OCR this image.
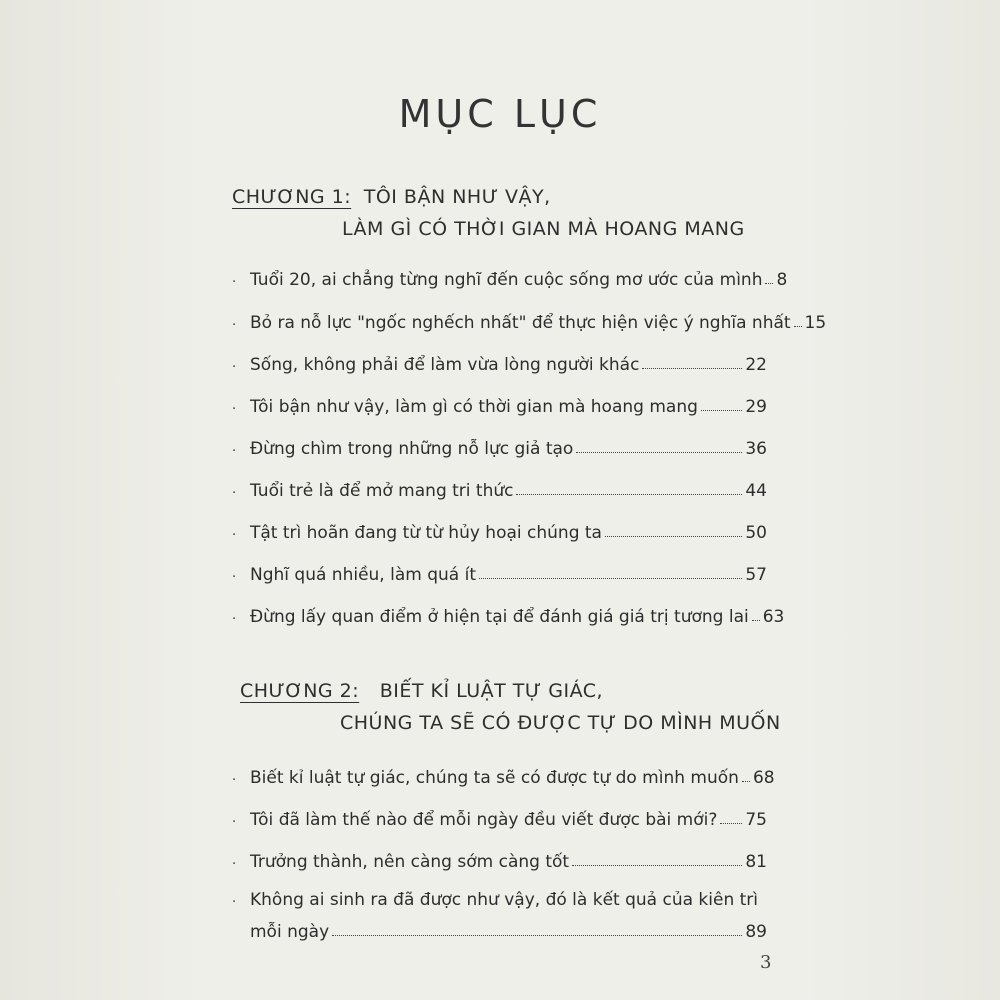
MỤC LỤC
CHƯƠNG 1: TÔI BẬN NHƯ VẬY,
LÀM GÌ CÓ THỜI GIAN MÀ HOANG MANG
· Tuổi 20, ai chẳng từng nghĩ đến cuộc sống mơ ước của mình 8
· Bỏ ra nỗ lực "ngốc nghếch nhất" để thực hiện việc ý nghĩa nhất 15
· Sống, không phải để làm vừa lòng người khác	22
· Tôi bận như vậy, làm gì có thời gian mà hoang mang	29
· Đừng chìm trong những nỗ lực giả tạo	36
· Tuổi trẻ là để mở mang tri thức	44
· Tật trì hoãn đang từ từ hủy hoại chúng ta	50
· Nghĩ quá nhiều, làm quá ít	57
· Đừng lấy quan điểm ở hiện tại để đánh giá giá trị tương lai 63
CHƯƠNG 2: BIẾT KỈ LUẬT TỰ GIÁC,
CHÚNG TA SẼ CÓ ĐƯỢC TỰ DO MÌNH MUỐN
· Biết kỉ luật tự giác, chúng ta sẽ có được tự do mình muốn 68
· Tôi đã làm thế nào để mỗi ngày đều viết được bài mới? 75
· Trưởng thành, nên càng sớm càng tốt	81
· Không ai sinh ra đã được như vậy, đó là kết quả của kiên trì
mỗi ngày	89
3
